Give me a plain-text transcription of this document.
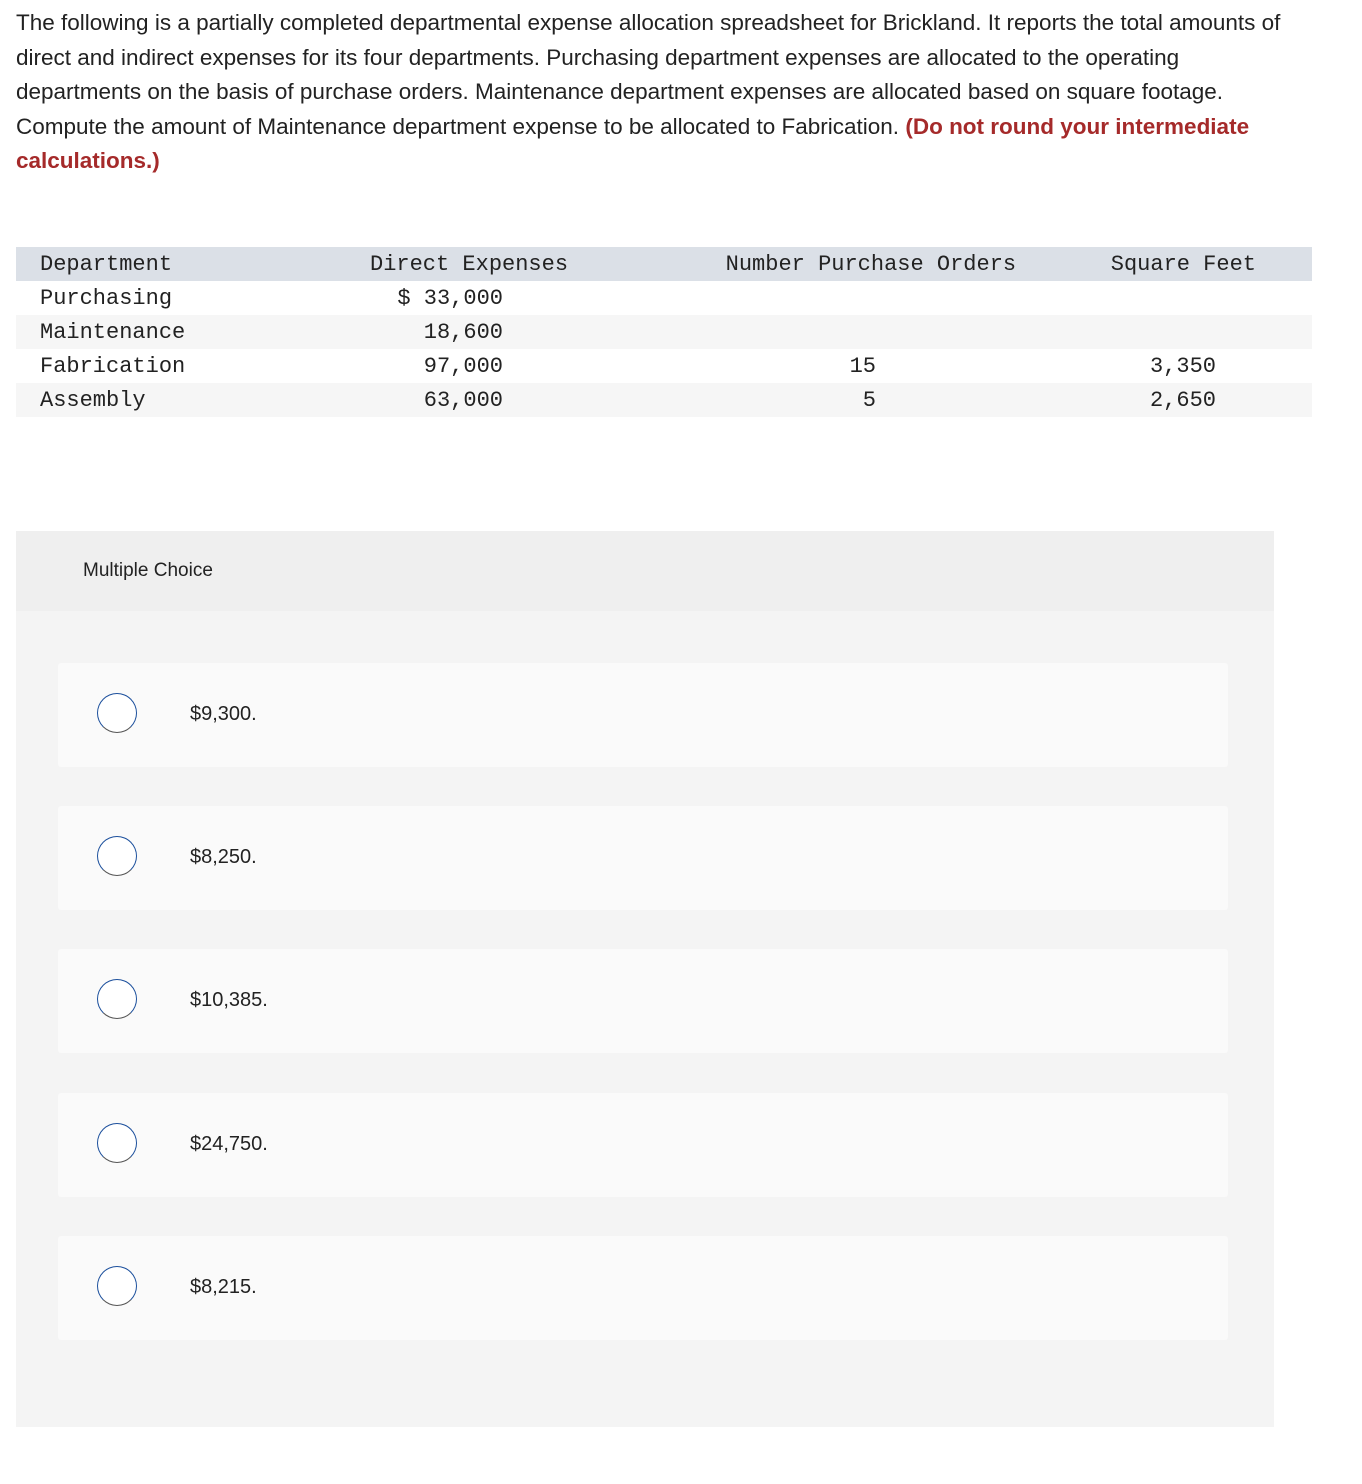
The following is a partially completed departmental expense allocation spreadsheet for Brickland. It reports the total amounts of direct and indirect expenses for its four departments. Purchasing department expenses are allocated to the operating departments on the basis of purchase orders. Maintenance department expenses are allocated based on square footage. Compute the amount of Maintenance department expense to be allocated to Fabrication. (Do not round your intermediate calculations.)
Department	Direct Expenses	Number Purchase Orders	Square Feet
Purchasing	$ 33,000		

Maintenance	18,600		

Fabrication	97,000	15	3,350
Assembly	63,000	5	2,650
Multiple Choice
$9,300.
$8,250.
$10,385.
$24,750.
$8,215.
